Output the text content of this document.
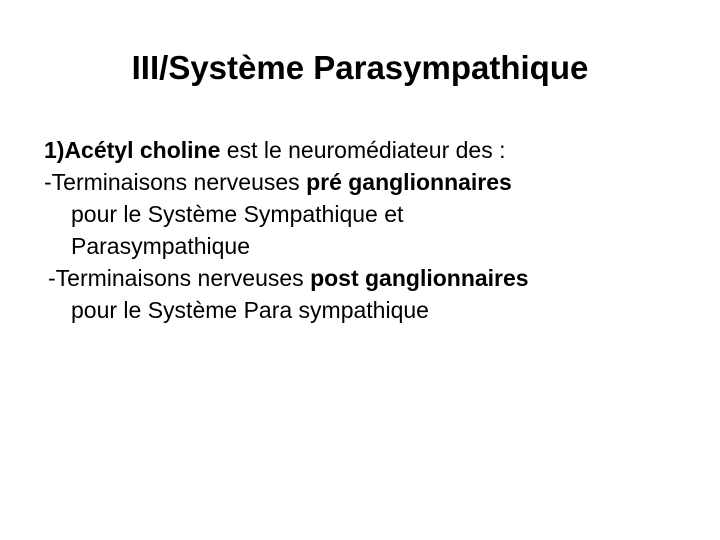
III/Système Parasympathique
1)Acétyl choline est le neuromédiateur des :
-Terminaisons nerveuses pré ganglionnaires
pour le Système Sympathique et
Parasympathique
-Terminaisons nerveuses post ganglionnaires
pour le Système Para sympathique
